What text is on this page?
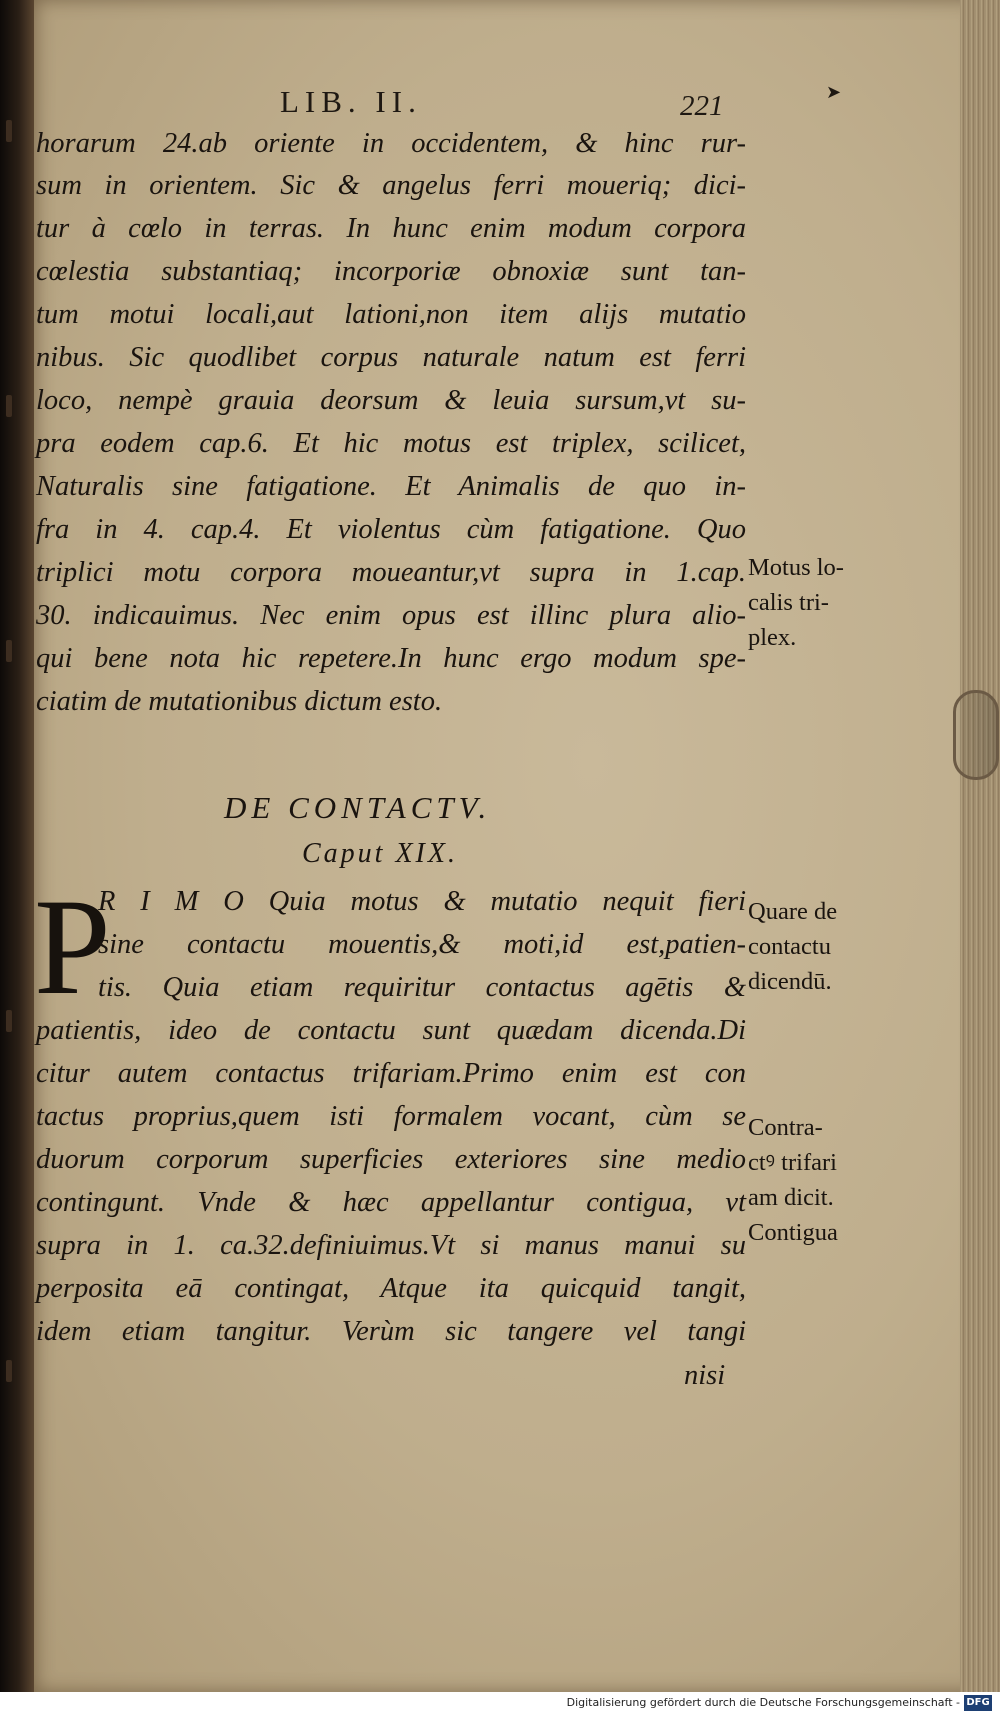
LIB. II.	221	➤
horarum 24.ab oriente in occidentem, & hinc rur-
sum in orientem. Sic & angelus ferri moueriq; dici-
tur à cœlo in terras. In hunc enim modum corpora
cœlestia substantiaq; incorporiæ obnoxiæ sunt tan-
tum motui locali,aut lationi,non item alijs mutatio
nibus. Sic quodlibet corpus naturale natum est ferri
loco, nempè grauia deorsum & leuia sursum,vt su-
pra eodem cap.6. Et hic motus est triplex, scilicet,
Naturalis sine fatigatione. Et Animalis de quo in-
fra in 4. cap.4. Et violentus cùm fatigatione. Quo
triplici motu corpora moueantur,vt supra in 1.cap.
30. indicauimus. Nec enim opus est illinc plura alio-
qui bene nota hic repetere.In hunc ergo modum spe-
ciatim de mutationibus dictum esto.
DE CONTACTV.
Caput XIX.
P
R I M O Quia motus & mutatio nequit fieri
sine contactu mouentis,& moti,id est,patien-
tis. Quia etiam requiritur contactus agētis &
patientis, ideo de contactu sunt quædam dicenda.Di
citur autem contactus trifariam.Primo enim est con
tactus proprius,quem isti formalem vocant, cùm se
duorum corporum superficies exteriores sine medio
contingunt. Vnde & hæc appellantur contigua, vt
supra in 1. ca.32.definiuimus.Vt si manus manui su
perposita eā contingat, Atque ita quicquid tangit,
idem etiam tangitur. Verùm sic tangere vel tangi
nisi
Motus lo-
calis tri-
plex.
Quare de
contactu
dicendū.
Contra-
ctꝰ trifari
am dicit.
Contigua
Digitalisierung gefördert durch die Deutsche Forschungsgemeinschaft - DFG
